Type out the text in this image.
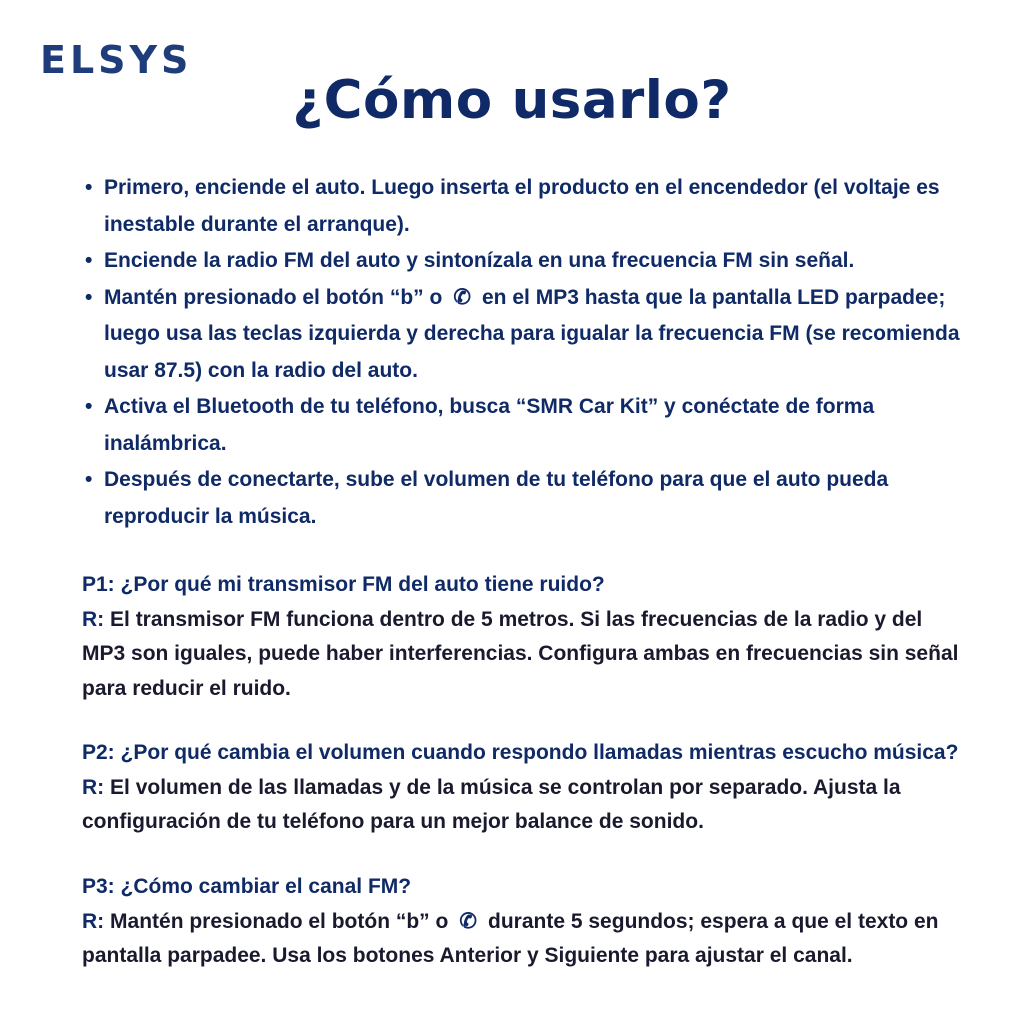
ELSYS
¿Cómo usarlo?
• Primero, enciende el auto. Luego inserta el producto en el encendedor (el voltaje es inestable durante el arranque).
• Enciende la radio FM del auto y sintonízala en una frecuencia FM sin señal.
• Mantén presionado el botón “b” o ✆ en el MP3 hasta que la pantalla LED parpadee; luego usa las teclas izquierda y derecha para igualar la frecuencia FM (se recomienda usar 87.5) con la radio del auto.
• Activa el Bluetooth de tu teléfono, busca “SMR Car Kit” y conéctate de forma inalámbrica.
• Después de conectarte, sube el volumen de tu teléfono para que el auto pueda reproducir la música.
P1: ¿Por qué mi transmisor FM del auto tiene ruido?
R: El transmisor FM funciona dentro de 5 metros. Si las frecuencias de la radio y del MP3 son iguales, puede haber interferencias. Configura ambas en frecuencias sin señal para reducir el ruido.
P2: ¿Por qué cambia el volumen cuando respondo llamadas mientras escucho música?
R: El volumen de las llamadas y de la música se controlan por separado. Ajusta la configuración de tu teléfono para un mejor balance de sonido.
P3: ¿Cómo cambiar el canal FM?
R: Mantén presionado el botón “b” o ✆ durante 5 segundos; espera a que el texto en pantalla parpadee. Usa los botones Anterior y Siguiente para ajustar el canal.
